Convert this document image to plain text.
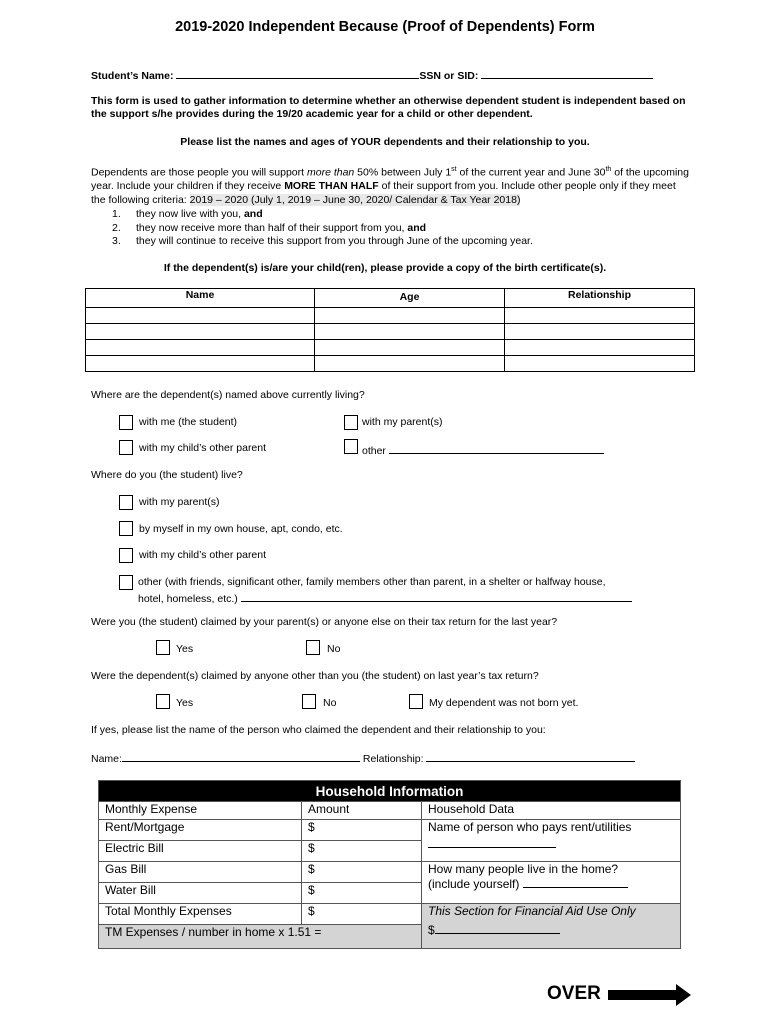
2019-2020 Independent Because (Proof of Dependents) Form
Student’s Name:	SSN or SID:
This form is used to gather information to determine whether an otherwise dependent student is independent based on the support s/he provides during the 19/20 academic year for a child or other dependent.
Please list the names and ages of YOUR dependents and their relationship to you.
Dependents are those people you will support more than 50% between July 1st of the current year and June 30th of the upcoming year. Include your children if they receive MORE THAN HALF of their support from you. Include other people only if they meet the following criteria: 2019 – 2020 (July 1, 2019 – June 30, 2020/ Calendar & Tax Year 2018)
1. they now live with you, and
2. they now receive more than half of their support from you, and
3. they will continue to receive this support from you through June of the upcoming year.
If the dependent(s) is/are your child(ren), please provide a copy of the birth certificate(s).
Name	Age	Relationship

Where are the dependent(s) named above currently living?
with me (the student)	with my parent(s)
with my child’s other parent	other
Where do you (the student) live?
with my parent(s)
by myself in my own house, apt, condo, etc.
with my child’s other parent
other (with friends, significant other, family members other than parent, in a shelter or halfway house,
hotel, homeless, etc.)
Were you (the student) claimed by your parent(s) or anyone else on their tax return for the last year?
Yes	No
Were the dependent(s) claimed by anyone other than you (the student) on last year’s tax return?
Yes	No	My dependent was not born yet.
If yes, please list the name of the person who claimed the dependent and their relationship to you:
Name:	Relationship:
Household Information		
Monthly Expense	Amount	Household Data
Rent/Mortgage	$	Name of person who pays rent/utilities

Electric Bill	$	
Gas Bill	$	How many people live in the home?
(include yourself)

Water Bill	$	
Total Monthly Expenses	$	This Section for Financial Aid Use Only
$

TM Expenses / number in home x 1.51 =		
OVER
